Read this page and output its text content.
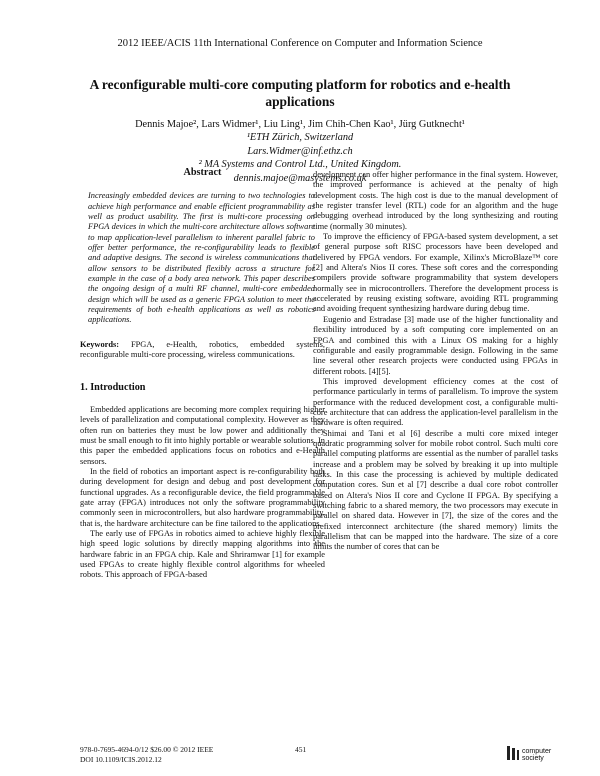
2012 IEEE/ACIS 11th International Conference on Computer and Information Science
A reconfigurable multi-core computing platform for robotics and e-health applications
Dennis Majoe², Lars Widmer¹, Liu Ling¹, Jim Chih-Chen Kao¹, Jürg Gutknecht¹
¹ETH Zürich, Switzerland
Lars.Widmer@inf.ethz.ch
² MA Systems and Control Ltd., United Kingdom.
dennis.majoe@masystems.co.uk
Abstract
Increasingly embedded devices are turning to two technologies to achieve high performance and enable efficient programmability as well as product usability. The first is multi-core processing on FPGA devices in which the multi-core architecture allows software to map application-level parallelism to inherent parallel fabric to offer better performance, the re-configurability leads to flexible and adaptive designs. The second is wireless communications that allow sensors to be distributed flexibly across a structure for example in the case of a body area network. This paper describes the ongoing design of a multi RF channel, multi-core embedded design which will be used as a generic FPGA solution to meet the requirements of both e-health applications as well as robotics applications.
Keywords: FPGA, e-Health, robotics, embedded systems, reconfigurable multi-core processing, wireless communications.
1. Introduction

Embedded applications are becoming more complex requiring higher levels of parallelization and computational complexity. However as they often run on batteries they must be low power and additionally they must be small enough to fit into highly portable or wearable solutions. In this paper the embedded applications focus on robotics and e-Health sensors.

In the field of robotics an important aspect is re-configurability both during development for design and debug and post development for functional upgrades. As a reconfigurable device, the field programmable gate array (FPGA) introduces not only the software programmability commonly seen in microcontrollers, but also hardware programmability, that is, the hardware architecture can be fine tailored to the applications.

The early use of FPGAs in robotics aimed to achieve highly flexible high speed logic solutions by directly mapping algorithms into the hardware fabric in an FPGA chip. Kale and Shriramwar [1] for example used FPGAs to create highly flexible control algorithms for wheeled robots. This approach of FPGA-based

development can offer higher performance in the final system. However, the improved performance is achieved at the penalty of high development costs. The high cost is due to the manual development of the register transfer level (RTL) code for an algorithm and the huge debugging overhead introduced by the long synthesizing and routing time (normally 30 minutes).

To improve the efficiency of FPGA-based system development, a set of general purpose soft RISC processors have been developed and delivered by FPGA vendors. For example, Xilinx's MicroBlaze™ core [2] and Altera's Nios II cores. These soft cores and the corresponding compilers provide software programmability that system developers normally see in microcontrollers. Therefore the development process is accelerated by reusing existing software, avoiding RTL programming and avoiding frequent synthesizing hardware during debug time.

Eugenio and Estradase [3] made use of the higher functionality and flexibility introduced by a soft computing core implemented on an FPGA and combined this with a Linux OS making for a highly configurable and easily programmable design. Following in the same line several other research projects were conducted using FPGAs in different robots. [4][5].

This improved development efficiency comes at the cost of performance particularly in terms of parallelism. To improve the system performance with the reduced development cost, a configurable multi-core architecture that can address the application-level parallelism in the hardware is often required.

Shimai and Tani et al [6] describe a multi core mixed integer quadratic programming solver for mobile robot control. Such multi core parallel computing platforms are essential as the number of parallel tasks increase and a problem may be solved by breaking it up into multiple tasks. In this case the processing is achieved by multiple dedicated computation cores. Sun et al [7] describe a dual core robot controller based on Altera's Nios II core and Cyclone II FPGA. By specifying a switching fabric to a shared memory, the two processors may execute in parallel on shared data. However in [7], the size of the cores and the prefixed interconnect architecture (the shared memory) limits the parallelism that can be mapped into the hardware. The size of a core limits the number of cores that can be

978-0-7695-4694-0/12 $26.00 © 2012 IEEE
DOI 10.1109/ICIS.2012.12
451	computer society
